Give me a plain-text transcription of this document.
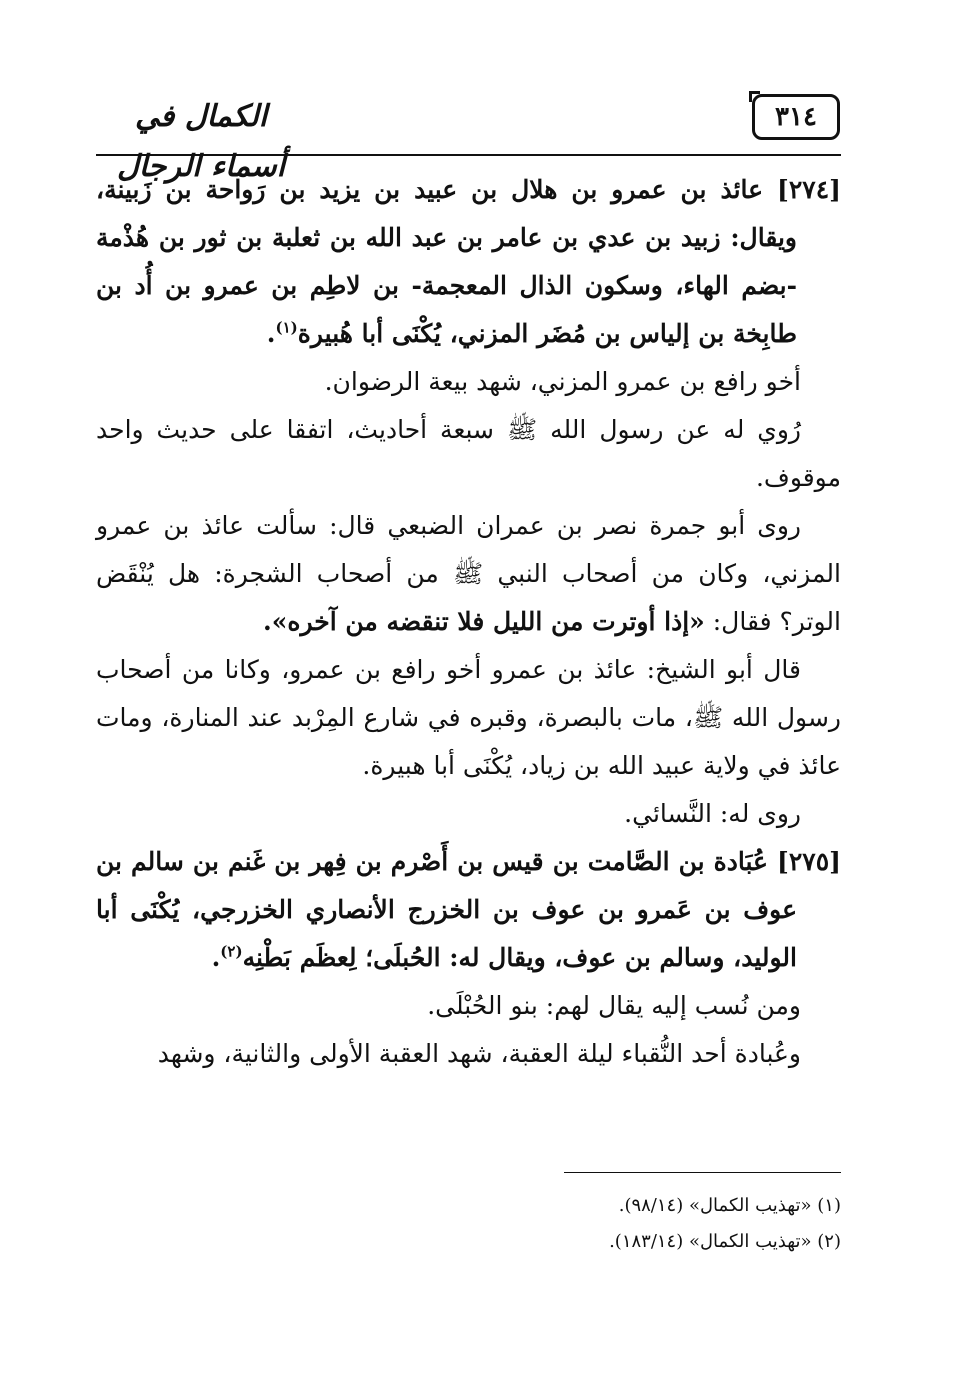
٣١٤
الكمال في أسماء الرجال

[٢٧٤] عائذ بن عمرو بن هلال بن عبيد بن يزيد بن رَواحة بن زَبينة، ويقال: زبيد بن عدي بن عامر بن عبد الله بن ثعلبة بن ثور بن هُذْمة -بضم الهاء، وسكون الذال المعجمة- بن لاطِم بن عمرو بن أُد بن طابِخة بن إلياس بن مُضَر المزني، يُكْنَى أبا هُبيرة$^{(١)}$.

أخو رافع بن عمرو المزني، شهد بيعة الرضوان.

رُوي له عن رسول الله ﷺ سبعة أحاديث، اتفقا على حديث واحد موقوف.

روى أبو جمرة نصر بن عمران الضبعي قال: سألت عائذ بن عمرو المزني، وكان من أصحاب النبي ﷺ من أصحاب الشجرة: هل يُنْقَض الوتر؟ فقال: «إذا أوترت من الليل فلا تنقضه من آخره».

قال أبو الشيخ: عائذ بن عمرو أخو رافع بن عمرو، وكانا من أصحاب رسول الله ﷺ، مات بالبصرة، وقبره في شارع المِرْبد عند المنارة، ومات عائذ في ولاية عبيد الله بن زياد، يُكْنَى أبا هبيرة.

روى له: النَّسائي.

[٢٧٥] عُبَادة بن الصَّامت بن قيس بن أَصْرم بن فِهر بن غَنم بن سالم بن عوف بن عَمرو بن عوف بن الخزرج الأنصاري الخزرجي، يُكْنَى أبا الوليد، وسالم بن عوف، ويقال له: الحُبلَى؛ لِعظَم بَطْنِه$^{(٢)}$.

ومن نُسب إليه يقال لهم: بنو الحُبْلَى.

وعُبادة أحد النُّقباء ليلة العقبة، شهد العقبة الأولى والثانية، وشهد

(١) «تهذيب الكمال» (٩٨/١٤).

(٢) «تهذيب الكمال» (١٨٣/١٤).
